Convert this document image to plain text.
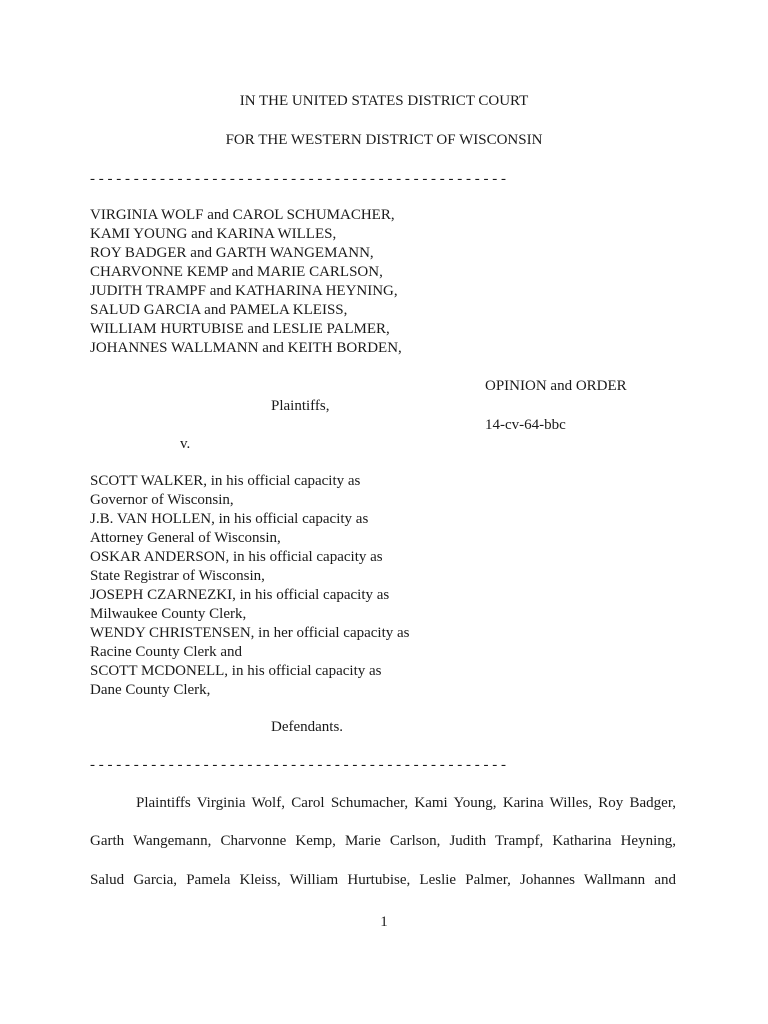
IN THE UNITED STATES DISTRICT COURT
FOR THE WESTERN DISTRICT OF WISCONSIN
- - - - - - - - - - - - - - - - - - - - - - - - - - - - - - - - - - - - - - - - - - - - - - - -
VIRGINIA WOLF and CAROL SCHUMACHER,
KAMI YOUNG and KARINA WILLES,
ROY BADGER and GARTH WANGEMANN,
CHARVONNE KEMP and MARIE CARLSON,
JUDITH TRAMPF and KATHARINA HEYNING,
SALUD GARCIA and PAMELA KLEISS,
WILLIAM HURTUBISE and LESLIE PALMER,
JOHANNES WALLMANN and KEITH BORDEN,
OPINION and ORDER
Plaintiffs,
14-cv-64-bbc
v.
SCOTT WALKER, in his official capacity as
Governor of Wisconsin,
J.B. VAN HOLLEN, in his official capacity as
Attorney General of Wisconsin,
OSKAR ANDERSON, in his official capacity as
State Registrar of Wisconsin,
JOSEPH CZARNEZKI, in his official capacity as
Milwaukee County Clerk,
WENDY CHRISTENSEN, in her official capacity as
Racine County Clerk and
SCOTT MCDONELL, in his official capacity as
Dane County Clerk,
Defendants.
- - - - - - - - - - - - - - - - - - - - - - - - - - - - - - - - - - - - - - - - - - - - - - - -
Plaintiffs Virginia Wolf, Carol Schumacher, Kami Young, Karina Willes, Roy Badger,
Garth Wangemann, Charvonne Kemp, Marie Carlson, Judith Trampf, Katharina Heyning,
Salud Garcia, Pamela Kleiss, William Hurtubise, Leslie Palmer, Johannes Wallmann and
1
